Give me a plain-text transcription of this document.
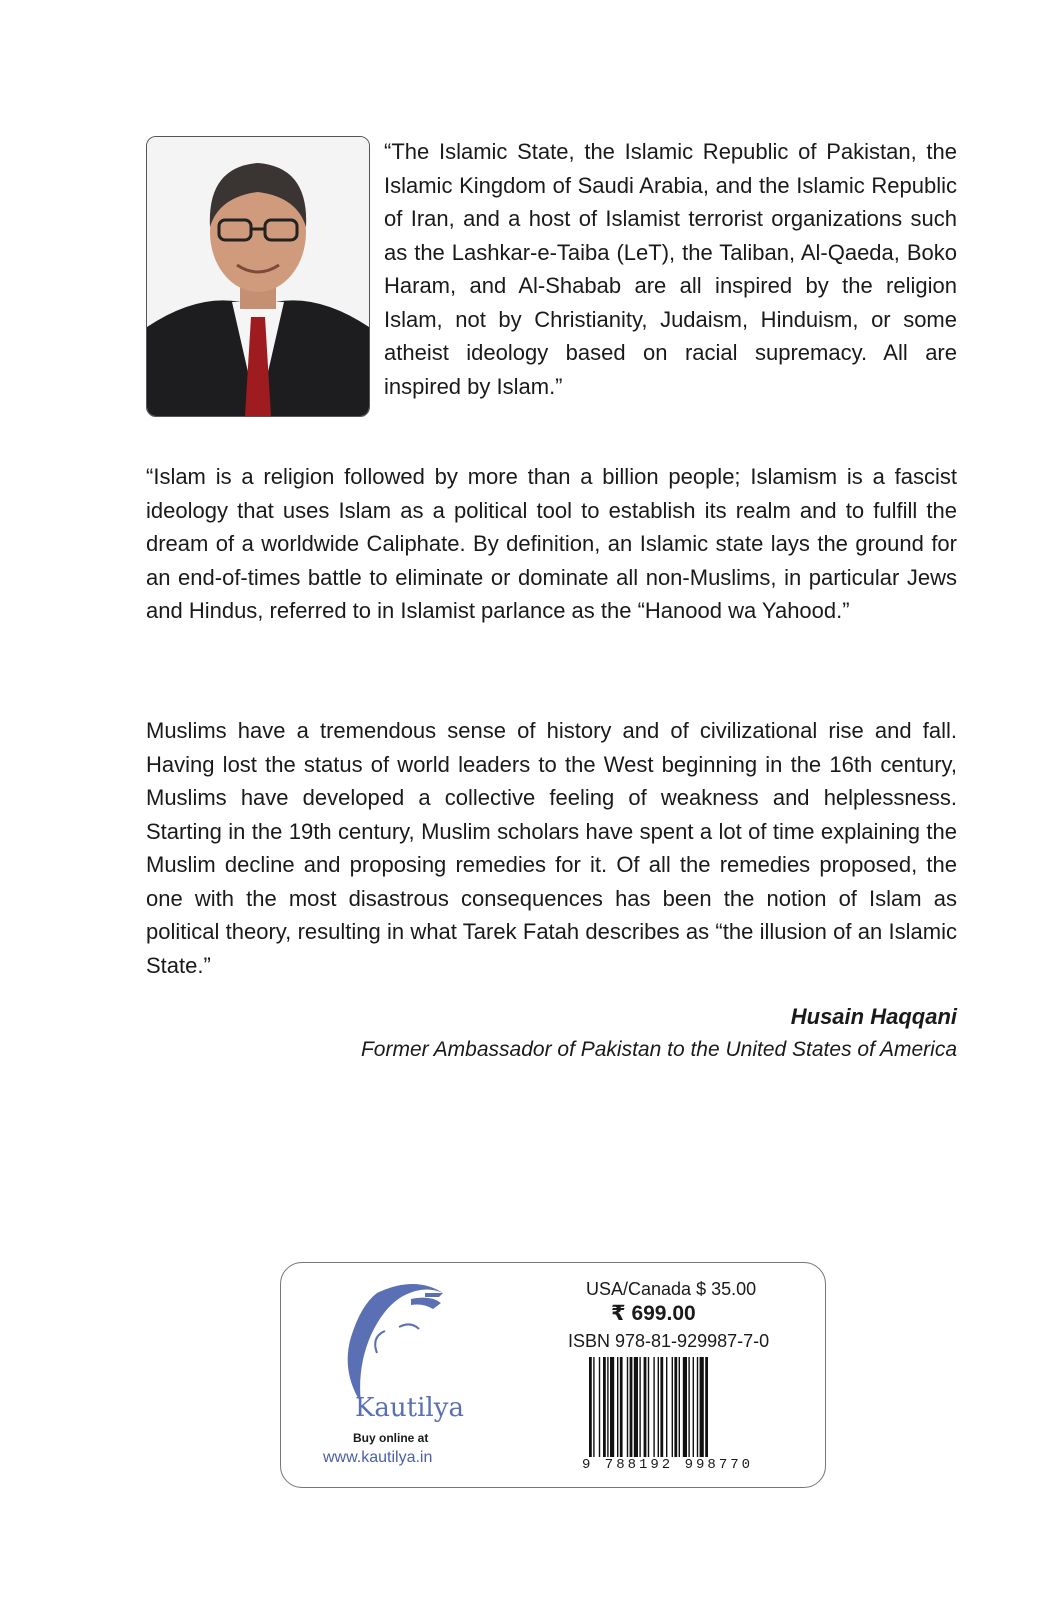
“The Islamic State, the Islamic Republic of Pakistan, the Islamic Kingdom of Saudi Arabia, and the Islamic Republic of Iran, and a host of Islamist terrorist organizations such as the Lashkar-e-Taiba (LeT), the Taliban, Al-Qaeda, Boko Haram, and Al-Shabab are all inspired by the religion Islam, not by Christianity, Judaism, Hinduism, or some atheist ideology based on racial supremacy. All are inspired by Islam.”

“Islam is a religion followed by more than a billion people; Islamism is a fascist ideology that uses Islam as a political tool to establish its realm and to fulfill the dream of a worldwide Caliphate. By definition, an Islamic state lays the ground for an end-of-times battle to eliminate or dominate all non-Muslims, in particular Jews and Hindus, referred to in Islamist parlance as the “Hanood wa Yahood.”

Muslims have a tremendous sense of history and of civilizational rise and fall. Having lost the status of world leaders to the West beginning in the 16th century, Muslims have developed a collective feeling of weakness and helplessness. Starting in the 19th century, Muslim scholars have spent a lot of time explaining the Muslim decline and proposing remedies for it. Of all the remedies proposed, the one with the most disastrous consequences has been the notion of Islam as political theory, resulting in what Tarek Fatah describes as “the illusion of an Islamic State.”

Husain Haqqani

Former Ambassador of Pakistan to the United States of America

Kautilya

Buy online at

www.kautilya.in

USA/Canada $ 35.00

₹ 699.00

ISBN 978-81-929987-7-0

9 788192 998770
